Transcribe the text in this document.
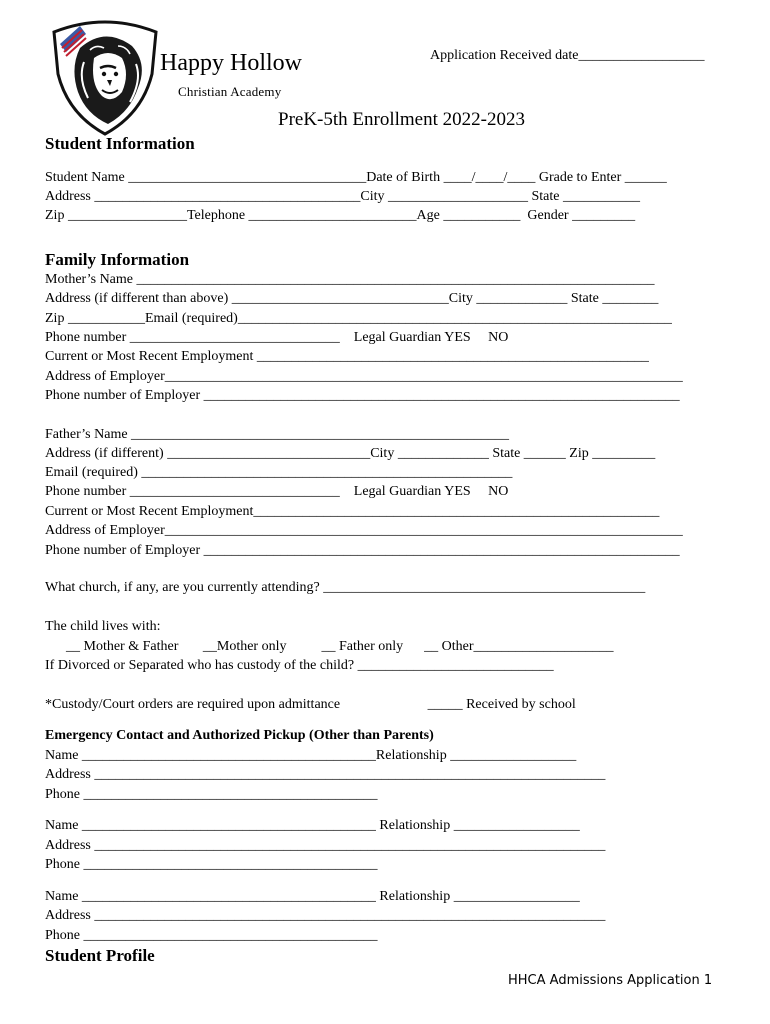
Happy Hollow
Christian Academy
Application Received date__________________
PreK-5th Enrollment 2022-2023
Student Information
Student Name __________________________________Date of Birth ____/____/____ Grade to Enter ______
Address ______________________________________City ____________________ State ___________
Zip _________________Telephone ________________________Age ___________  Gender _________
Family Information
Mother’s Name __________________________________________________________________________
Address (if different than above) _______________________________City _____________ State ________
Zip ___________Email (required)______________________________________________________________
Phone number ______________________________    Legal Guardian YES     NO
Current or Most Recent Employment ________________________________________________________
Address of Employer__________________________________________________________________________
Phone number of Employer ____________________________________________________________________
Father’s Name ______________________________________________________
Address (if different) _____________________________City _____________ State ______ Zip _________
Email (required) _____________________________________________________
Phone number ______________________________    Legal Guardian YES     NO
Current or Most Recent Employment__________________________________________________________
Address of Employer__________________________________________________________________________
Phone number of Employer ____________________________________________________________________
What church, if any, are you currently attending? ______________________________________________
The child lives with:
__ Mother & Father       __Mother only          __ Father only      __ Other____________________
If Divorced or Separated who has custody of the child? ____________________________
*Custody/Court orders are required upon admittance                         _____ Received by school
Emergency Contact and Authorized Pickup (Other than Parents)
Name __________________________________________Relationship __________________
Address _________________________________________________________________________
Phone __________________________________________
Name __________________________________________ Relationship __________________
Address _________________________________________________________________________
Phone __________________________________________
Name __________________________________________ Relationship __________________
Address _________________________________________________________________________
Phone __________________________________________
Student Profile
HHCA Admissions Application 1
